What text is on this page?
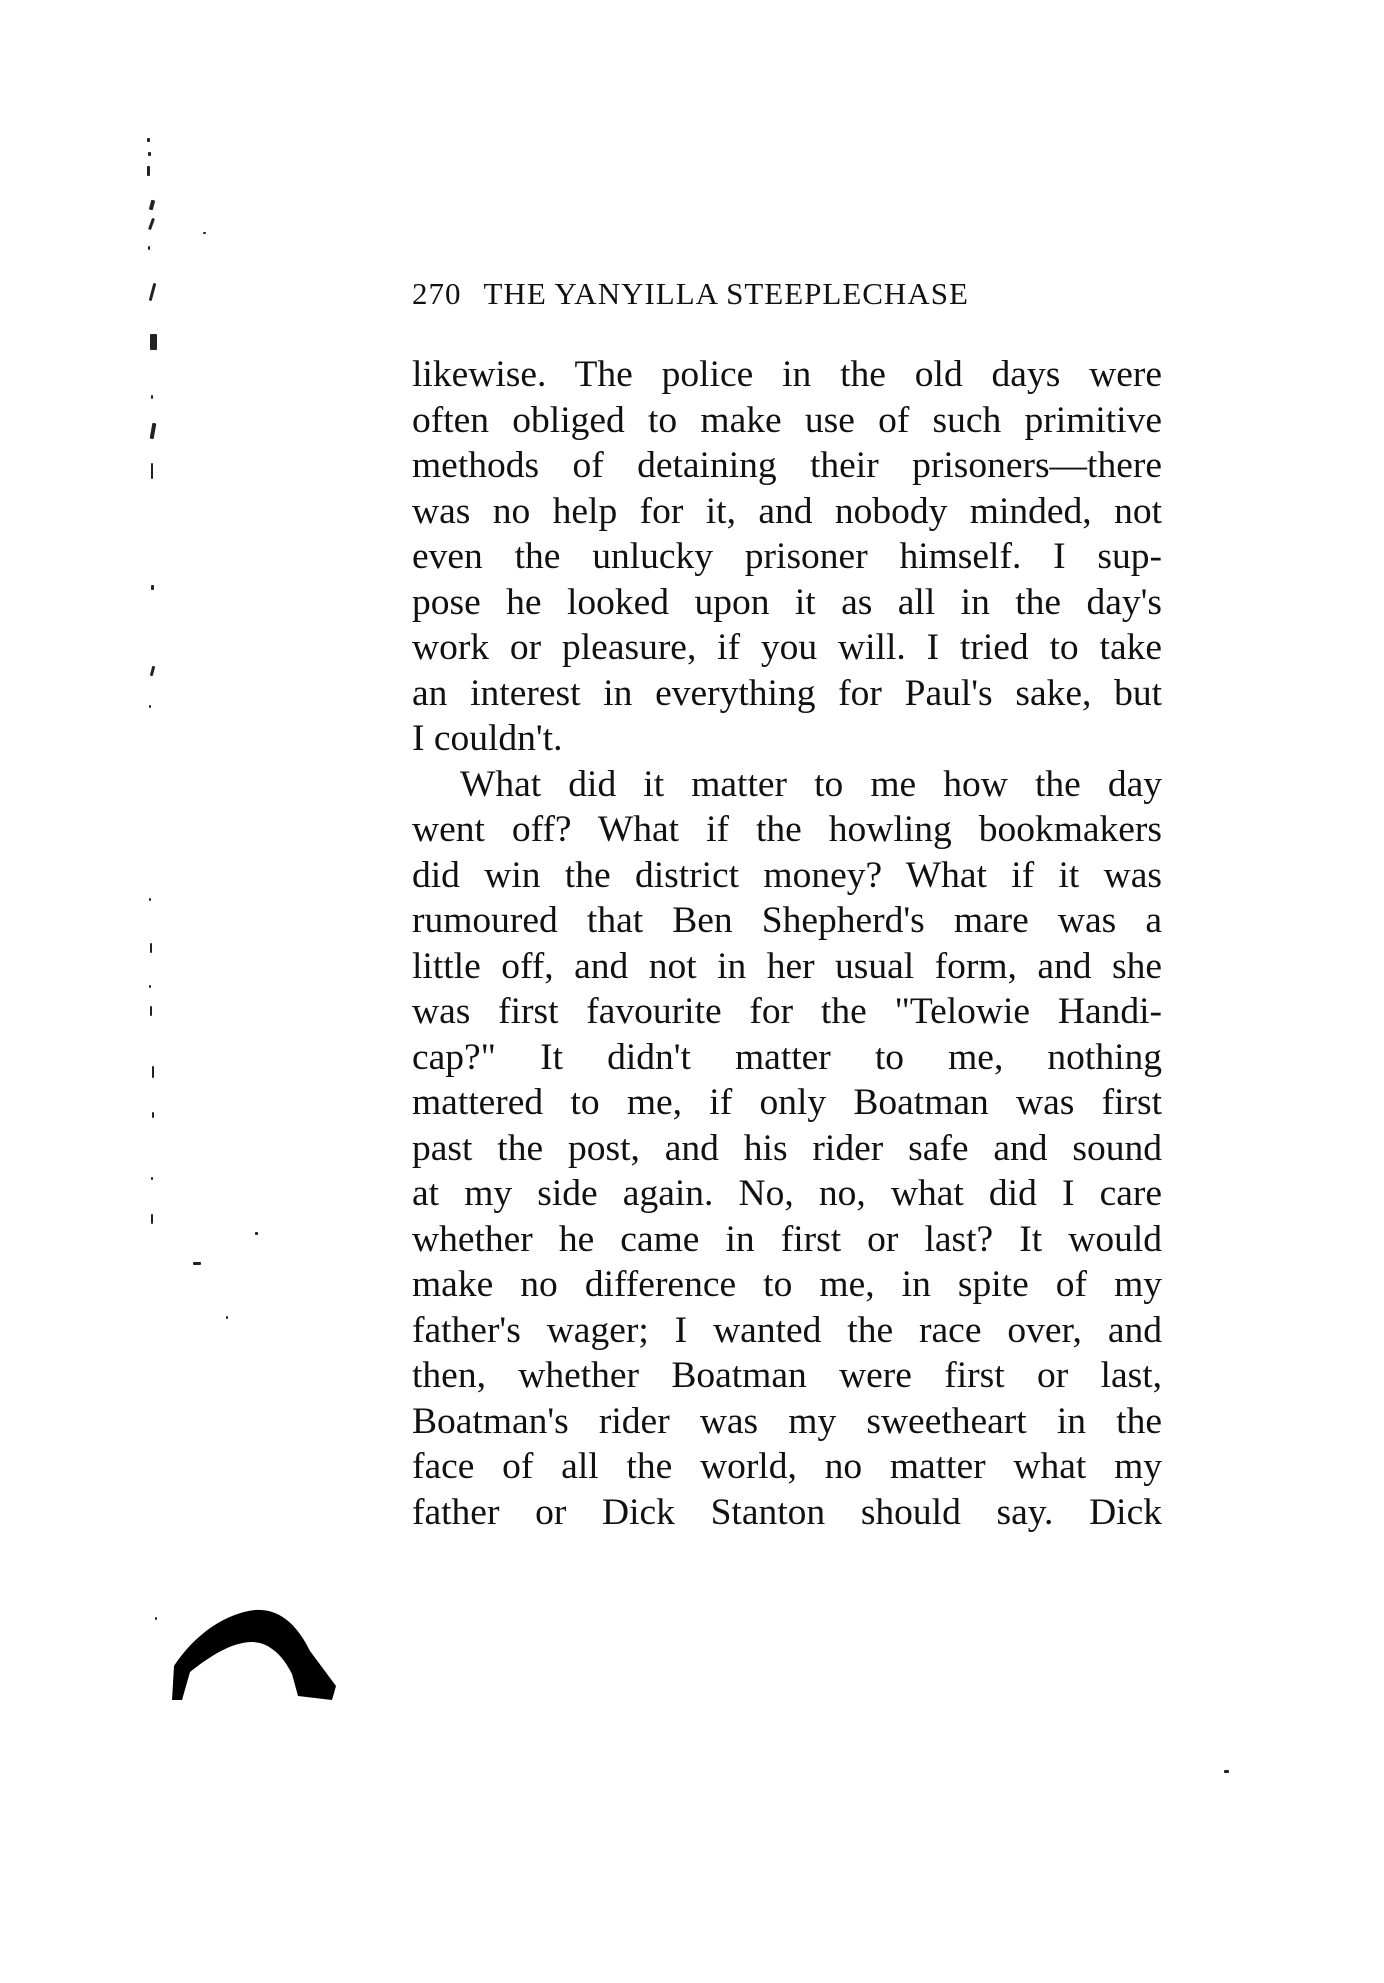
270 THE YANYILLA STEEPLECHASE
likewise. The police in the old days were
often obliged to make use of such primitive
methods of detaining their prisoners—there
was no help for it, and nobody minded, not
even the unlucky prisoner himself. I sup-
pose he looked upon it as all in the day's
work or pleasure, if you will. I tried to take
an interest in everything for Paul's sake, but
I couldn't.
What did it matter to me how the day
went off? What if the howling bookmakers
did win the district money? What if it was
rumoured that Ben Shepherd's mare was a
little off, and not in her usual form, and she
was first favourite for the "Telowie Handi-
cap?" It didn't matter to me, nothing
mattered to me, if only Boatman was first
past the post, and his rider safe and sound
at my side again. No, no, what did I care
whether he came in first or last? It would
make no difference to me, in spite of my
father's wager; I wanted the race over, and
then, whether Boatman were first or last,
Boatman's rider was my sweetheart in the
face of all the world, no matter what my
father or Dick Stanton should say. Dick
